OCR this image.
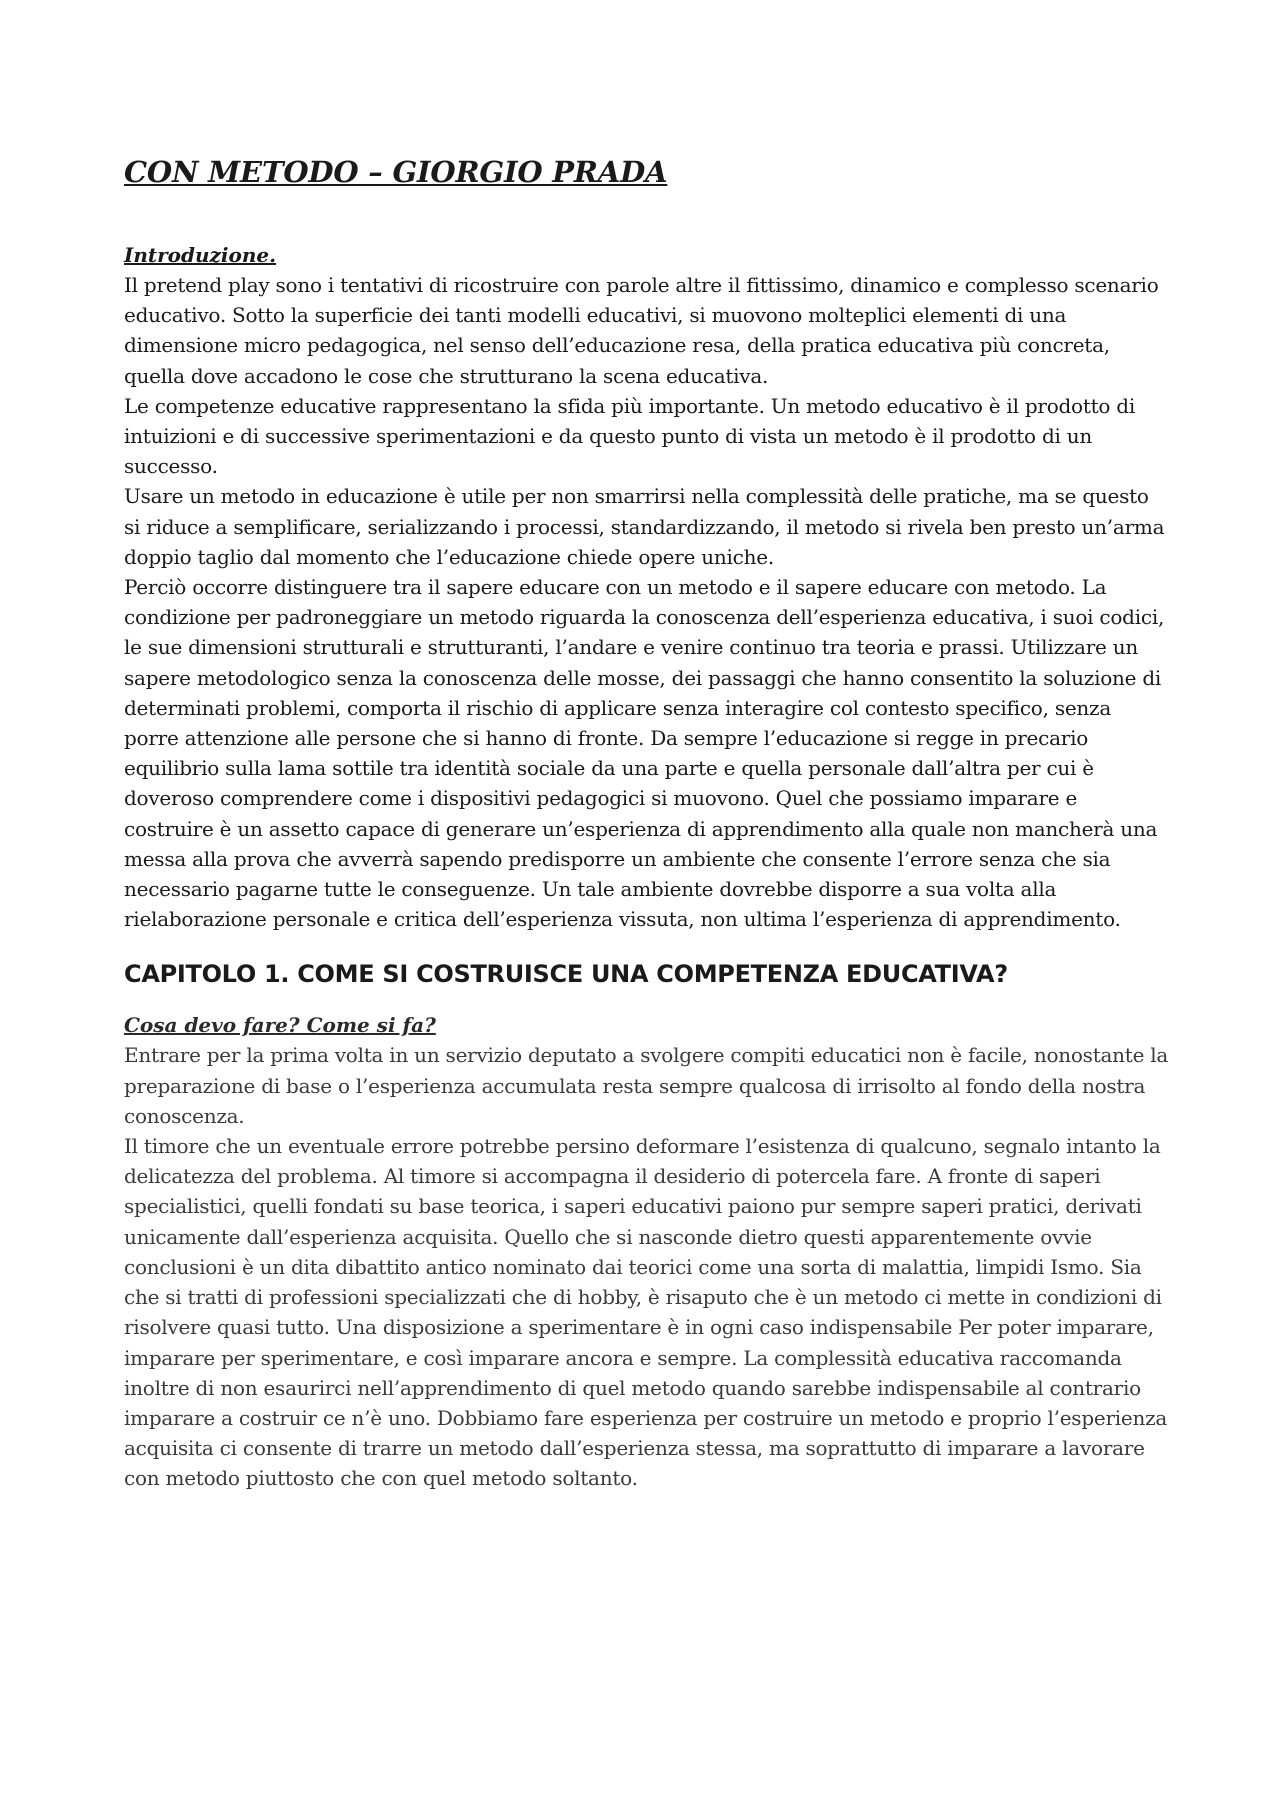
CON METODO – GIORGIO PRADA
Introduzione.

Il pretend play sono i tentativi di ricostruire con parole altre il fittissimo, dinamico e complesso scenario educativo. Sotto la superficie dei tanti modelli educativi, si muovono molteplici elementi di una dimensione micro pedagogica, nel senso dell’educazione resa, della pratica educativa più concreta, quella dove accadono le cose che strutturano la scena educativa.

Le competenze educative rappresentano la sfida più importante. Un metodo educativo è il prodotto di intuizioni e di successive sperimentazioni e da questo punto di vista un metodo è il prodotto di un successo.

Usare un metodo in educazione è utile per non smarrirsi nella complessità delle pratiche, ma se questo si riduce a semplificare, serializzando i processi, standardizzando, il metodo si rivela ben presto un’arma doppio taglio dal momento che l’educazione chiede opere uniche.

Perciò occorre distinguere tra il sapere educare con un metodo e il sapere educare con metodo. La condizione per padroneggiare un metodo riguarda la conoscenza dell’esperienza educativa, i suoi codici, le sue dimensioni strutturali e strutturanti, l’andare e venire continuo tra teoria e prassi. Utilizzare un sapere metodologico senza la conoscenza delle mosse, dei passaggi che hanno consentito la soluzione di determinati problemi, comporta il rischio di applicare senza interagire col contesto specifico, senza porre attenzione alle persone che si hanno di fronte. Da sempre l’educazione si regge in precario equilibrio sulla lama sottile tra identità sociale da una parte e quella personale dall’altra per cui è doveroso comprendere come i dispositivi pedagogici si muovono. Quel che possiamo imparare e costruire è un assetto capace di generare un’esperienza di apprendimento alla quale non mancherà una messa alla prova che avverrà sapendo predisporre un ambiente che consente l’errore senza che sia necessario pagarne tutte le conseguenze. Un tale ambiente dovrebbe disporre a sua volta alla rielaborazione personale e critica dell’esperienza vissuta, non ultima l’esperienza di apprendimento.

CAPITOLO 1. COME SI COSTRUISCE UNA COMPETENZA EDUCATIVA?
Cosa devo fare? Come si fa?

Entrare per la prima volta in un servizio deputato a svolgere compiti educatici non è facile, nonostante la preparazione di base o l’esperienza accumulata resta sempre qualcosa di irrisolto al fondo della nostra conoscenza.

Il timore che un eventuale errore potrebbe persino deformare l’esistenza di qualcuno, segnalo intanto la delicatezza del problema. Al timore si accompagna il desiderio di potercela fare. A fronte di saperi specialistici, quelli fondati su base teorica, i saperi educativi paiono pur sempre saperi pratici, derivati unicamente dall’esperienza acquisita. Quello che si nasconde dietro questi apparentemente ovvie conclusioni è un dita dibattito antico nominato dai teorici come una sorta di malattia, limpidi Ismo. Sia che si tratti di professioni specializzati che di hobby, è risaputo che è un metodo ci mette in condizioni di risolvere quasi tutto. Una disposizione a sperimentare è in ogni caso indispensabile Per poter imparare, imparare per sperimentare, e così imparare ancora e sempre. La complessità educativa raccomanda inoltre di non esaurirci nell’apprendimento di quel metodo quando sarebbe indispensabile al contrario imparare a costruir ce n’è uno. Dobbiamo fare esperienza per costruire un metodo e proprio l’esperienza acquisita ci consente di trarre un metodo dall’esperienza stessa, ma soprattutto di imparare a lavorare con metodo piuttosto che con quel metodo soltanto.
